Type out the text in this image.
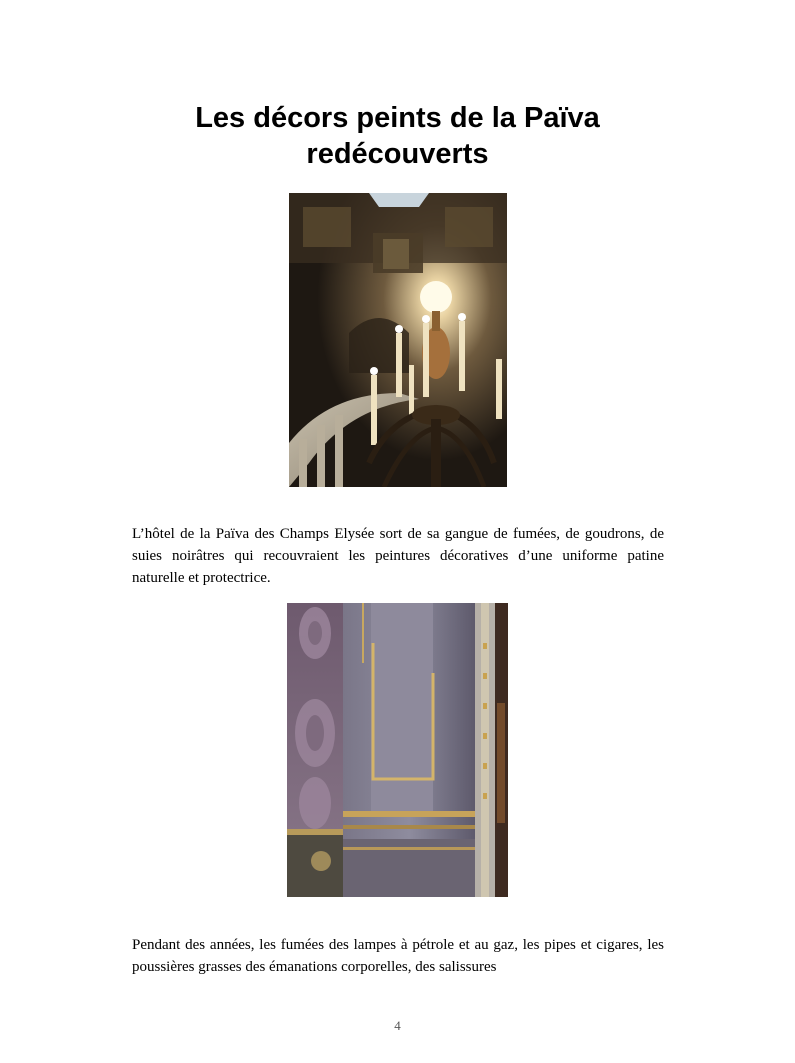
Les décors peints de la Païva
redécouverts

L’hôtel de la Païva des Champs Elysée sort de sa gangue de fumées, de goudrons, de suies noirâtres qui recouvraient les peintures décoratives d’une uniforme patine naturelle et protectrice.

Pendant des années, les fumées des lampes à pétrole et au gaz, les pipes et cigares, les poussières grasses des émanations corporelles, des salissures

4
